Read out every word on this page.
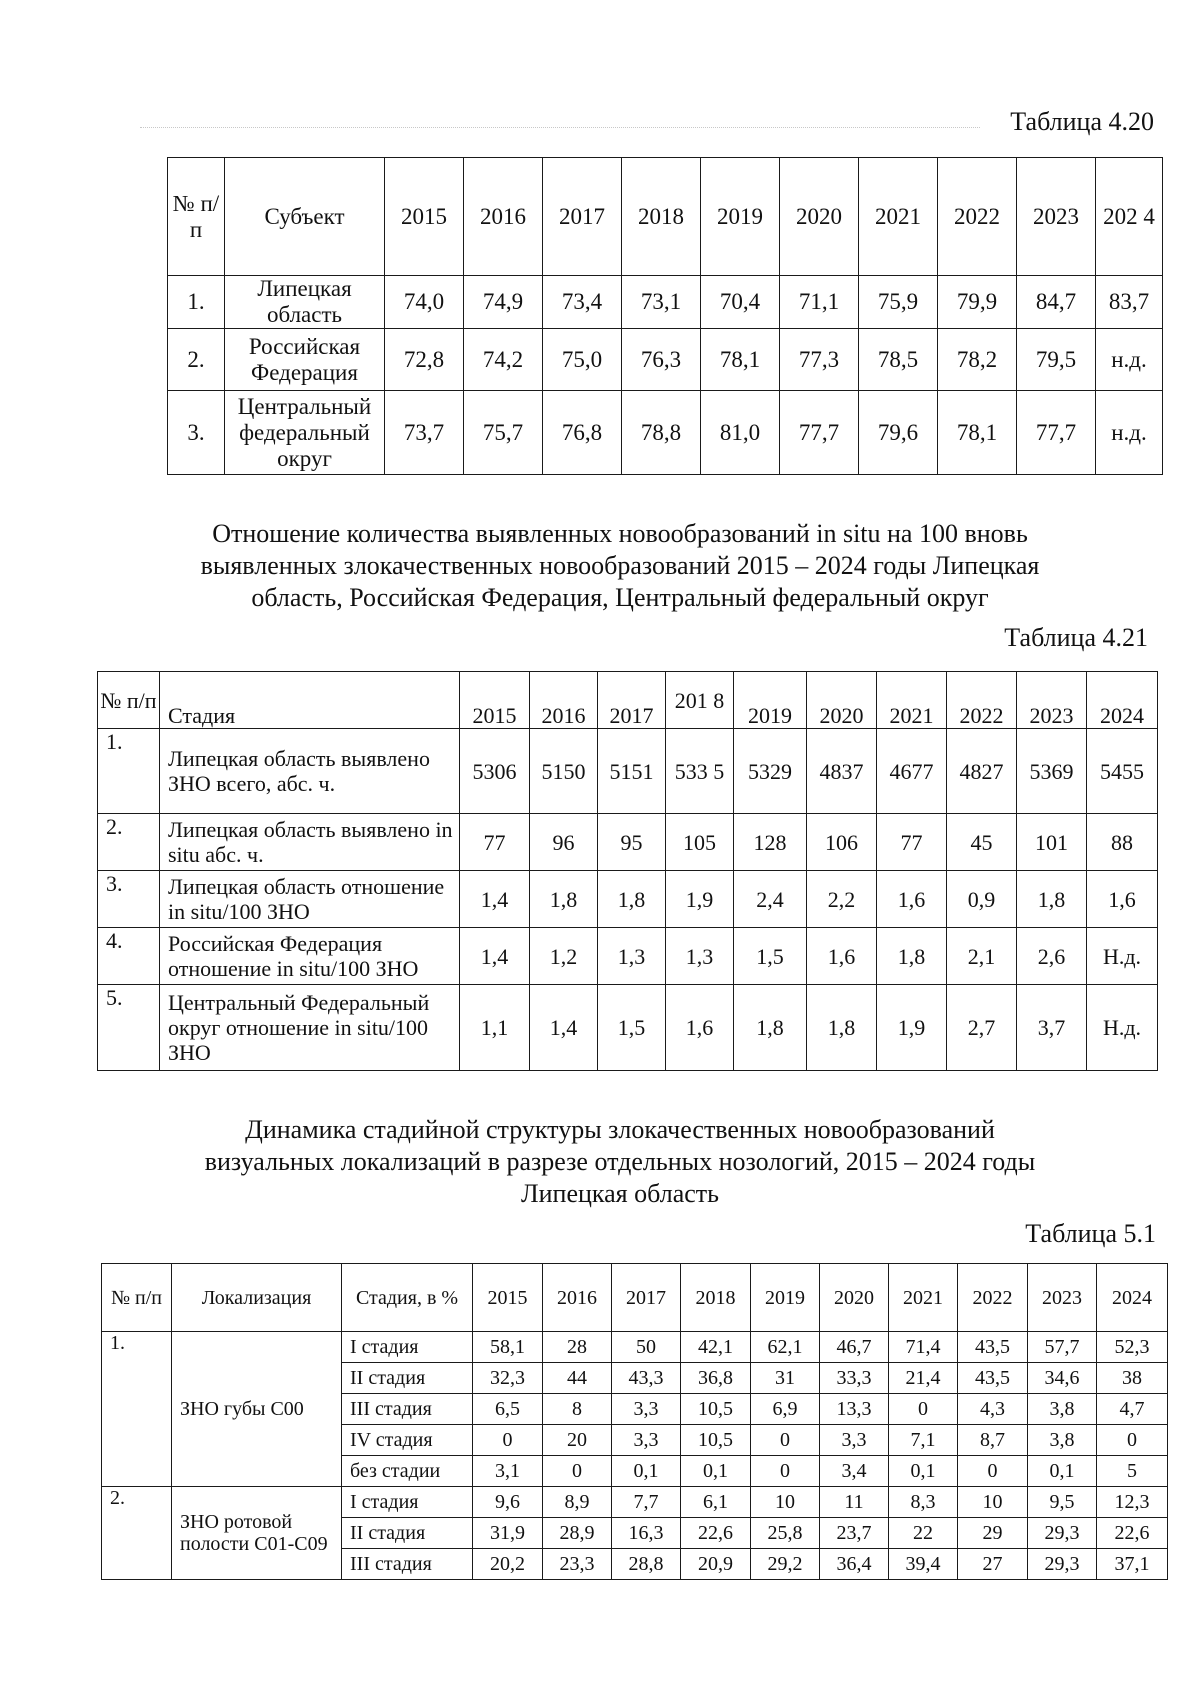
Таблица 4.20
№ п/п	Субъект	2015	2016	2017	2018	2019	2020	2021	2022	2023	202 4
1.	Липецкая область	74,0	74,9	73,4	73,1	70,4	71,1	75,9	79,9	84,7	83,7
2.	Российская Федерация	72,8	74,2	75,0	76,3	78,1	77,3	78,5	78,2	79,5	н.д.
3.	Центральный федеральный округ	73,7	75,7	76,8	78,8	81,0	77,7	79,6	78,1	77,7	н.д.
Отношение количества выявленных новообразований in situ на 100 вновь
выявленных злокачественных новообразований 2015 – 2024 годы Липецкая
область, Российская Федерация, Центральный федеральный округ
Таблица 4.21
№ п/п	Стадия	2015	2016	2017	201 8	2019	2020	2021	2022	2023	2024
1.	Липецкая область выявлено ЗНО всего, абс. ч.	5306	5150	5151	533 5	5329	4837	4677	4827	5369	5455
2.	Липецкая область выявлено in situ абс. ч.	77	96	95	105	128	106	77	45	101	88
3.	Липецкая область отношение in situ/100 ЗНО	1,4	1,8	1,8	1,9	2,4	2,2	1,6	0,9	1,8	1,6
4.	Российская Федерация отношение in situ/100 ЗНО	1,4	1,2	1,3	1,3	1,5	1,6	1,8	2,1	2,6	Н.д.
5.	Центральный Федеральный округ отношение in situ/100 ЗНО	1,1	1,4	1,5	1,6	1,8	1,8	1,9	2,7	3,7	Н.д.
Динамика стадийной структуры злокачественных новообразований
визуальных локализаций в разрезе отдельных нозологий, 2015 – 2024 годы
Липецкая область
Таблица 5.1
№ п/п	Локализация	Стадия, в %	2015	2016	2017	2018	2019	2020	2021	2022	2023	2024
1.	ЗНО губы С00	I стадия	58,1	28	50	42,1	62,1	46,7	71,4	43,5	57,7	52,3
		II стадия	32,3	44	43,3	36,8	31	33,3	21,4	43,5	34,6	38
		III стадия	6,5	8	3,3	10,5	6,9	13,3	0	4,3	3,8	4,7
		IV стадия	0	20	3,3	10,5	0	3,3	7,1	8,7	3,8	0
		без стадии	3,1	0	0,1	0,1	0	3,4	0,1	0	0,1	5
2.	ЗНО ротовой полости С01-С09	I стадия	9,6	8,9	7,7	6,1	10	11	8,3	10	9,5	12,3
		II стадия	31,9	28,9	16,3	22,6	25,8	23,7	22	29	29,3	22,6
		III стадия	20,2	23,3	28,8	20,9	29,2	36,4	39,4	27	29,3	37,1
